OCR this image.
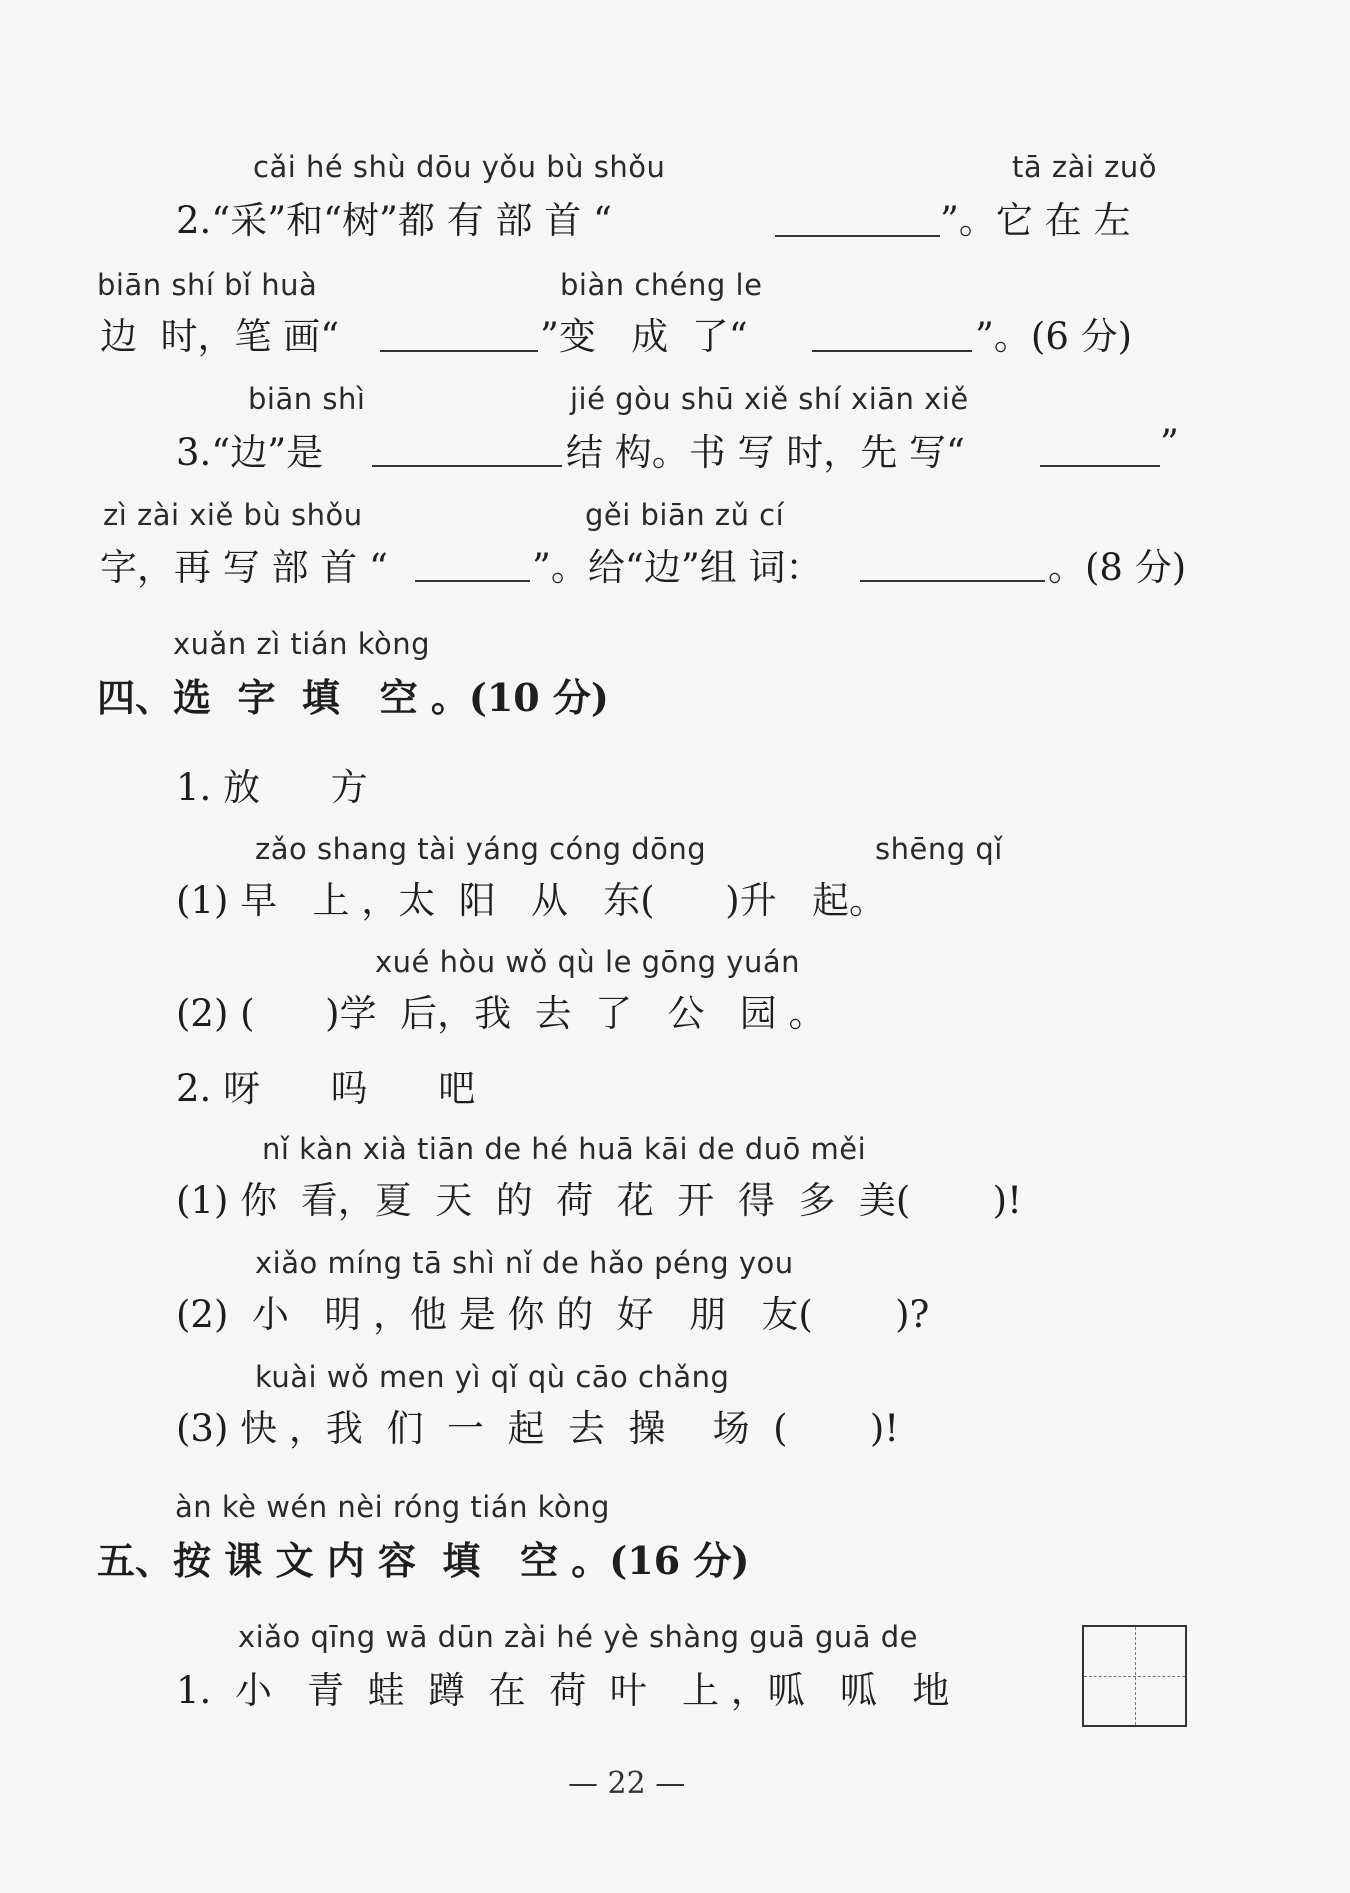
cǎi hé shù dōu yǒu bù shǒu	tā zài zuǒ
2.“采”和“树”都 有 部 首 “	”。它 在 左
biān shí bǐ huà	biàn chéng le
边  时，笔 画“	”变   成  了“	”。(6 分)
biān shì	jié gòu shū xiě shí xiān xiě
3.“边”是	结 构。书 写 时，先 写“	”
zì zài xiě bù shǒu	gěi biān zǔ cí
字，再 写 部 首 “	”。给“边”组 词：	。(8 分)
xuǎn zì tián kòng
四、选  字  填   空 。(10 分)
1. 放      方
zǎo shang tài yáng cóng dōng	shēng qǐ
(1) 早   上 ，太  阳   从   东(      )升   起。
xué hòu wǒ qù le gōng yuán
(2) (      )学  后，我  去  了   公   园 。
2. 呀      吗      吧
nǐ kàn xià tiān de hé huā kāi de duō měi
(1) 你  看，夏  天  的  荷  花  开  得  多  美(       )!
xiǎo míng tā shì nǐ de hǎo péng you
(2)  小   明 ，他 是 你 的  好   朋   友(       )?
kuài wǒ men yì qǐ qù cāo chǎng
(3) 快 ，我  们  一  起  去  操    场  (       )!
àn kè wén nèi róng tián kòng
五、按 课 文 内 容  填   空 。(16 分)
xiǎo qīng wā dūn zài hé yè shàng guā guā de
1.  小   青  蛙  蹲  在  荷  叶   上 ，呱   呱   地
— 22 —
